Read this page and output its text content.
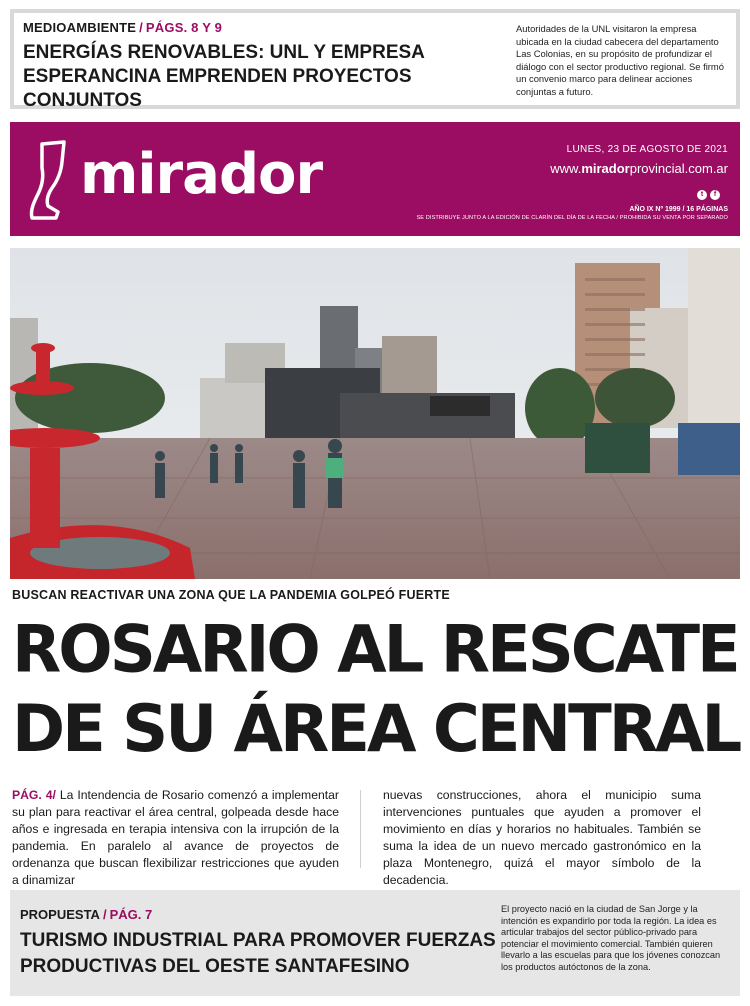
MEDIOAMBIENTE / PÁGS. 8 Y 9
ENERGÍAS RENOVABLES: UNL Y EMPRESA ESPERANCINA EMPRENDEN PROYECTOS CONJUNTOS
Autoridades de la UNL visitaron la empresa ubicada en la ciudad cabecera del departamento Las Colonias, en su propósito de profundizar el diálogo con el sector productivo regional. Se firmó un convenio marco para delinear acciones conjuntas a futuro.
mirador	LUNES, 23 DE AGOSTO DE 2021
www.miradorprovincial.com.ar
t	f
AÑO IX Nº 1999 / 16 PÁGINAS
SE DISTRIBUYE JUNTO A LA EDICIÓN DE CLARÍN DEL DÍA DE LA FECHA / PROHIBIDA SU VENTA POR SEPARADO
BUSCAN REACTIVAR UNA ZONA QUE LA PANDEMIA GOLPEÓ FUERTE
ROSARIO AL RESCATE
DE SU ÁREA CENTRAL
PÁG. 4/ La Intendencia de Rosario comenzó a implementar su plan para reactivar el área central, golpeada desde hace años e ingresada en terapia intensiva con la irrupción de la pandemia. En paralelo al avance de proyectos de ordenanza que buscan flexibilizar restricciones que ayuden a dinamizar
nuevas construcciones, ahora el municipio suma intervenciones puntuales que ayuden a promover el movimiento en días y horarios no habituales. También se suma la idea de un nuevo mercado gastronómico en la plaza Montenegro, quizá el mayor símbolo de la decadencia.
PROPUESTA / PÁG. 7
TURISMO INDUSTRIAL PARA PROMOVER FUERZAS PRODUCTIVAS DEL OESTE SANTAFESINO
El proyecto nació en la ciudad de San Jorge y la intención es expandirlo por toda la región. La idea es articular trabajos del sector público-privado para potenciar el movimiento comercial. También quieren llevarlo a las escuelas para que los jóvenes conozcan los productos autóctonos de la zona.
